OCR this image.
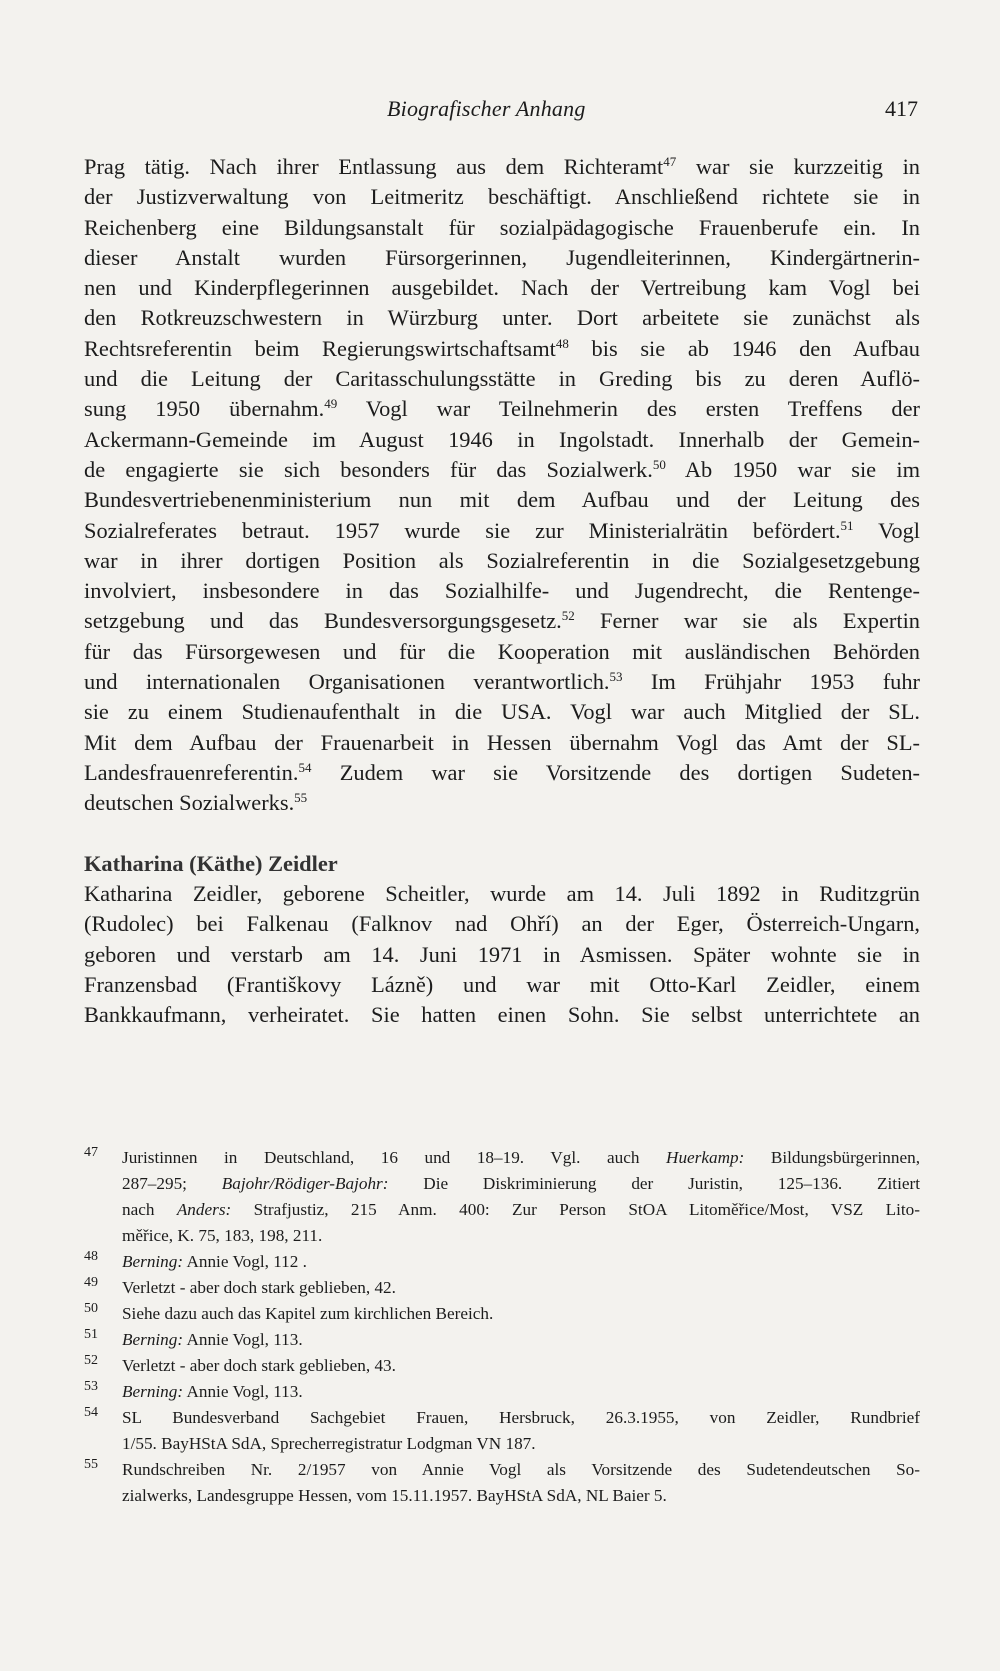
Biografischer Anhang	417
Prag tätig. Nach ihrer Entlassung aus dem Richteramt$^{47}$ war sie kurzzeitig in
der Justizverwaltung von Leitmeritz beschäftigt. Anschließend richtete sie in
Reichenberg eine Bildungsanstalt für sozialpädagogische Frauenberufe ein. In
dieser Anstalt wurden Fürsorgerinnen, Jugendleiterinnen, Kindergärtnerin-
nen und Kinderpflegerinnen ausgebildet. Nach der Vertreibung kam Vogl bei
den Rotkreuzschwestern in Würzburg unter. Dort arbeitete sie zunächst als
Rechtsreferentin beim Regierungswirtschaftsamt$^{48}$ bis sie ab 1946 den Aufbau
und die Leitung der Caritasschulungsstätte in Greding bis zu deren Auflö-
sung 1950 übernahm.$^{49}$ Vogl war Teilnehmerin des ersten Treffens der
Ackermann-Gemeinde im August 1946 in Ingolstadt. Innerhalb der Gemein-
de engagierte sie sich besonders für das Sozialwerk.$^{50}$ Ab 1950 war sie im
Bundesvertriebenenministerium nun mit dem Aufbau und der Leitung des
Sozialreferates betraut. 1957 wurde sie zur Ministerialrätin befördert.$^{51}$ Vogl
war in ihrer dortigen Position als Sozialreferentin in die Sozialgesetzgebung
involviert, insbesondere in das Sozialhilfe- und Jugendrecht, die Rentenge-
setzgebung und das Bundesversorgungsgesetz.$^{52}$ Ferner war sie als Expertin
für das Fürsorgewesen und für die Kooperation mit ausländischen Behörden
und internationalen Organisationen verantwortlich.$^{53}$ Im Frühjahr 1953 fuhr
sie zu einem Studienaufenthalt in die USA. Vogl war auch Mitglied der SL.
Mit dem Aufbau der Frauenarbeit in Hessen übernahm Vogl das Amt der SL-
Landesfrauenreferentin.$^{54}$ Zudem war sie Vorsitzende des dortigen Sudeten-
deutschen Sozialwerks.$^{55}$
Katharina (Käthe) Zeidler
Katharina Zeidler, geborene Scheitler, wurde am 14. Juli 1892 in Ruditzgrün
(Rudolec) bei Falkenau (Falknov nad Ohří) an der Eger, Österreich-Ungarn,
geboren und verstarb am 14. Juni 1971 in Asmissen. Später wohnte sie in
Franzensbad (Františkovy Lázně) und war mit Otto-Karl Zeidler, einem
Bankkaufmann, verheiratet. Sie hatten einen Sohn. Sie selbst unterrichtete an
47 Juristinnen in Deutschland, 16 und 18–19. Vgl. auch Huerkamp: Bildungsbürgerinnen,
287–295; Bajohr/Rödiger-Bajohr: Die Diskriminierung der Juristin, 125–136. Zitiert
nach Anders: Strafjustiz, 215 Anm. 400: Zur Person StOA Litoměřice/Most, VSZ Lito-
měřice, K. 75, 183, 198, 211.
48 Berning: Annie Vogl, 112 .
49 Verletzt - aber doch stark geblieben, 42.
50 Siehe dazu auch das Kapitel zum kirchlichen Bereich.
51 Berning: Annie Vogl, 113.
52 Verletzt - aber doch stark geblieben, 43.
53 Berning: Annie Vogl, 113.
54 SL Bundesverband Sachgebiet Frauen, Hersbruck, 26.3.1955, von Zeidler, Rundbrief
1/55. BayHStA SdA, Sprecherregistratur Lodgman VN 187.
55 Rundschreiben Nr. 2/1957 von Annie Vogl als Vorsitzende des Sudetendeutschen So-
zialwerks, Landesgruppe Hessen, vom 15.11.1957. BayHStA SdA, NL Baier 5.
